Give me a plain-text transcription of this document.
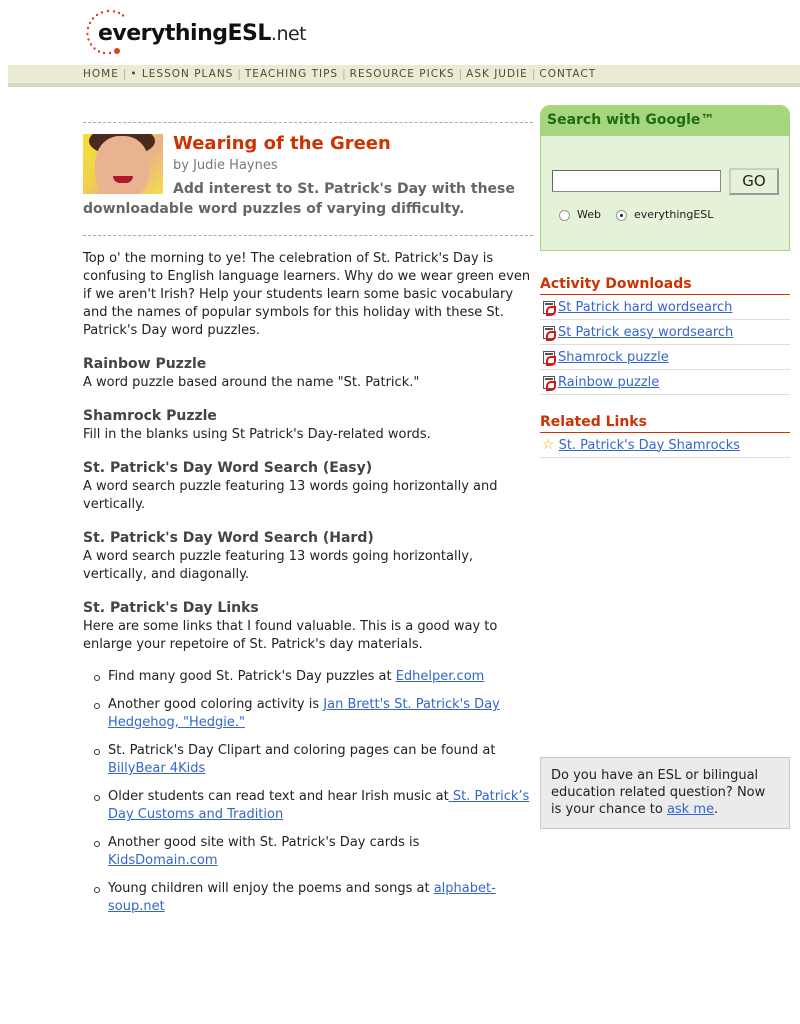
everythingESL.net
HOME | • LESSON PLANS | TEACHING TIPS | RESOURCE PICKS | ASK JUDIE | CONTACT
Wearing of the Green
by Judie Haynes
Add interest to St. Patrick's Day with these downloadable word puzzles of varying difficulty.

Top o' the morning to ye! The celebration of St. Patrick's Day is confusing to English language learners. Why do we wear green even if we aren't Irish? Help your students learn some basic vocabulary and the names of popular symbols for this holiday with these St. Patrick's Day word puzzles.

Rainbow Puzzle

A word puzzle based around the name "St. Patrick."

Shamrock Puzzle

Fill in the blanks using St Patrick's Day-related words.

St. Patrick's Day Word Search (Easy)

A word search puzzle featuring 13 words going horizontally and vertically.

St. Patrick's Day Word Search (Hard)

A word search puzzle featuring 13 words going horizontally, vertically, and diagonally.

St. Patrick's Day Links

Here are some links that I found valuable. This is a good way to enlarge your repetoire of St. Patrick's day materials.

Find many good St. Patrick's Day puzzles at Edhelper.com
Another good coloring activity is Jan Brett's St. Patrick's Day Hedgehog, "Hedgie."
St. Patrick's Day Clipart and coloring pages can be found at BillyBear 4Kids
Older students can read text and hear Irish music at St. Patrick’s Day Customs and Tradition
Another good site with St. Patrick's Day cards is KidsDomain.com
Young children will enjoy the poems and songs at alphabet-soup.net
Search with Google™
GO
Web	everythingESL
Activity Downloads
St Patrick hard wordsearch
St Patrick easy wordsearch
Shamrock puzzle
Rainbow puzzle
Related Links
☆ St. Patrick's Day Shamrocks
Do you have an ESL or bilingual education related question? Now is your chance to ask me.
